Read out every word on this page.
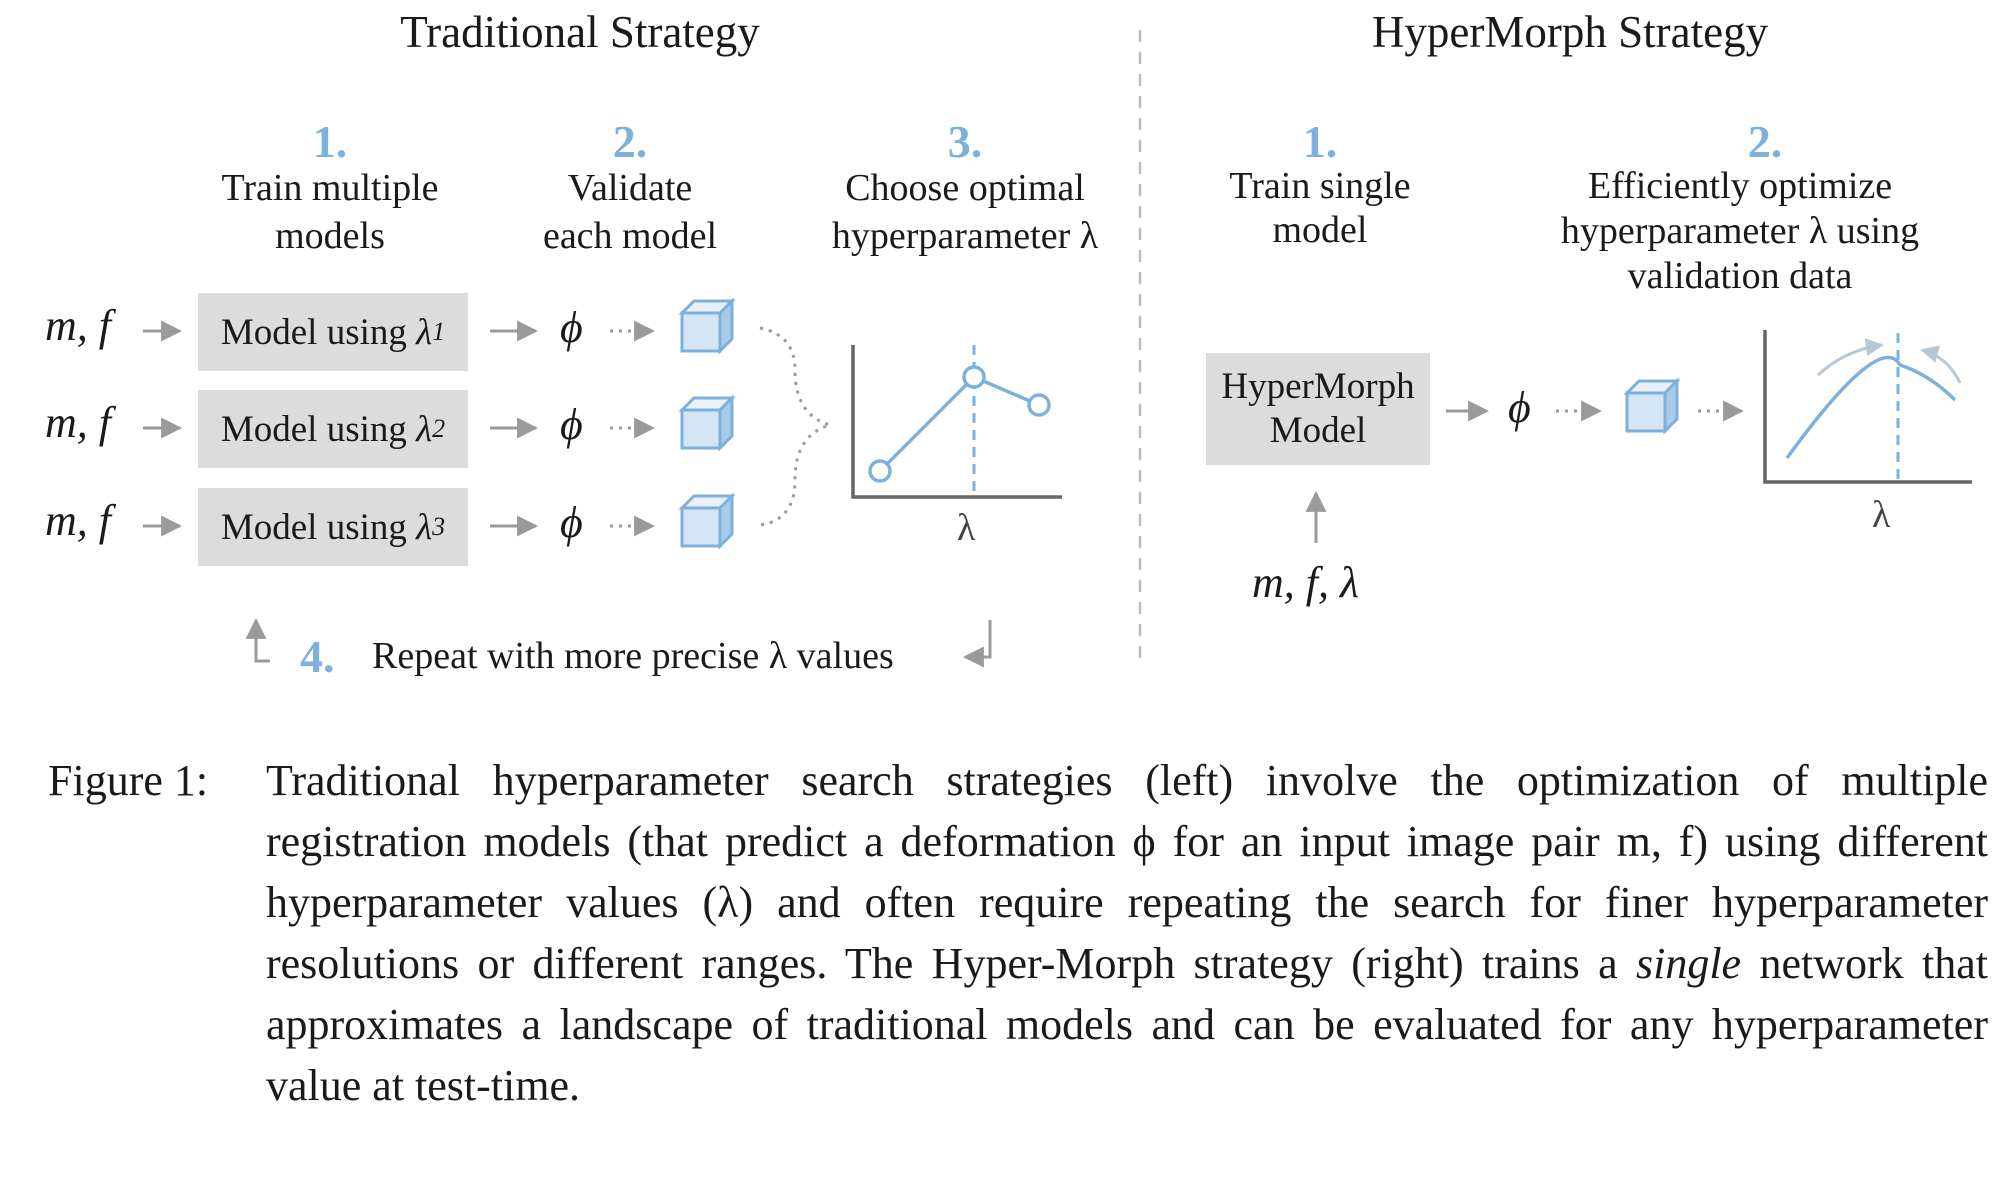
Traditional Strategy
1.
Train multiple
models
2.
Validate
each model
3.
Choose optimal
hyperparameter λ
m, f	Model using
λ 1	ϕ
m, f	Model using
λ 2	ϕ
m, f	Model using
λ 3	ϕ	λ
4. Repeat with more precise λ values
HyperMorph Strategy
1.
Train single
model
2.
Efficiently optimize
hyperparameter λ using
validation data
HyperMorph
Model	ϕ
m, f, λ
λ
Figure 1: Traditional hyperparameter search strategies (left) involve the optimization of multiple registration models (that predict a deformation ϕ for an input image pair m, f) using different hyperparameter values (λ) and often require repeating the search for finer hyperparameter resolutions or different ranges. The Hyper-Morph strategy (right) trains a single network that approximates a landscape of traditional models and can be evaluated for any hyperparameter value at test-time.
